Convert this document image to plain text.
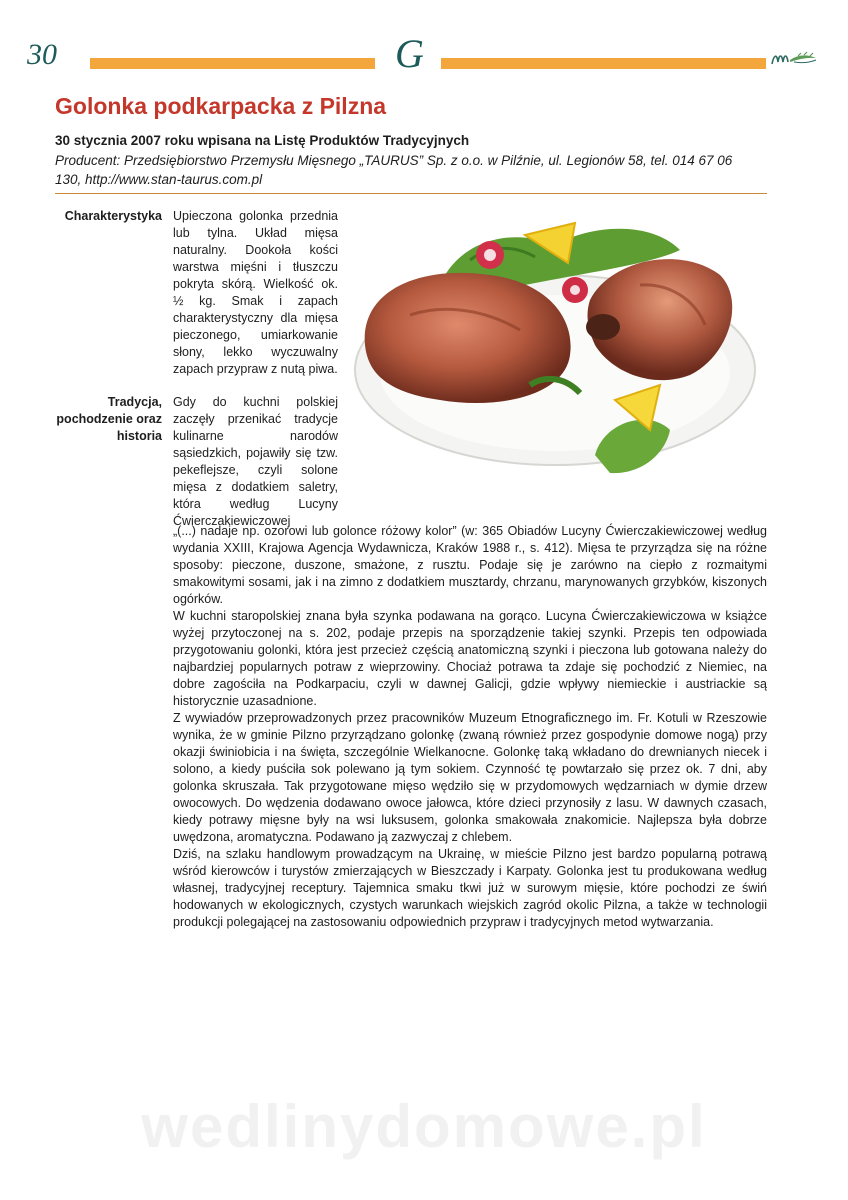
30	G
Golonka podkarpacka z Pilzna

30 stycznia 2007 roku wpisana na Listę Produktów Tradycyjnych

Producent: Przedsiębiorstwo Przemysłu Mięsnego „TAURUS” Sp. z o.o. w Pilźnie, ul. Legionów 58, tel. 014 67 06 130, http://www.stan-taurus.com.pl

Charakterystyka Upieczona golonka przednia lub tylna. Układ mięsa naturalny. Dookoła kości warstwa mięśni i tłuszczu pokryta skórą. Wielkość ok. ½ kg. Smak i zapach charakterystyczny dla mięsa pieczonego, umiarkowanie słony, lekko wyczuwalny zapach przypraw z nutą piwa.

Tradycja, pochodzenie oraz historia

Gdy do kuchni polskiej zaczęły przenikać tradycje kulinarne narodów sąsiedzkich, pojawiły się tzw. pekeflejsze, czyli solone mięsa z dodatkiem saletry, która według Lucyny Ćwierczakiewiczowej

„(...) nadaje np. ozorowi lub golonce różowy kolor” (w: 365 Obiadów Lucyny Ćwierczakiewiczowej według wydania XXIII, Krajowa Agencja Wydawnicza, Kraków 1988 r., s. 412). Mięsa te przyrządza się na różne sposoby: pieczone, duszone, smażone, z rusztu. Podaje się je zarówno na ciepło z rozmaitymi smakowitymi sosami, jak i na zimno z dodatkiem musztardy, chrzanu, marynowanych grzybków, kiszonych ogórków.

W kuchni staropolskiej znana była szynka podawana na gorąco. Lucyna Ćwierczakiewiczowa w książce wyżej przytoczonej na s. 202, podaje przepis na sporządzenie takiej szynki. Przepis ten odpowiada przygotowaniu golonki, która jest przecież częścią anatomiczną szynki i pieczona lub gotowana należy do najbardziej popularnych potraw z wieprzowiny. Chociaż potrawa ta zdaje się pochodzić z Niemiec, na dobre zagościła na Podkarpaciu, czyli w dawnej Galicji, gdzie wpływy niemieckie i austriackie są historycznie uzasadnione.

Z wywiadów przeprowadzonych przez pracowników Muzeum Etnograficznego im. Fr. Kotuli w Rzeszowie wynika, że w gminie Pilzno przyrządzano golonkę (zwaną również przez gospodynie domowe nogą) przy okazji świniobicia i na święta, szczególnie Wielkanocne. Golonkę taką wkładano do drewnianych niecek i solono, a kiedy puściła sok polewano ją tym sokiem. Czynność tę powtarzało się przez ok. 7 dni, aby golonka skruszała. Tak przygotowane mięso wędziło się w przydomowych wędzarniach w dymie drzew owocowych. Do wędzenia dodawano owoce jałowca, które dzieci przynosiły z lasu. W dawnych czasach, kiedy potrawy mięsne były na wsi luksusem, golonka smakowała znakomicie. Najlepsza była dobrze uwędzona, aromatyczna. Podawano ją zazwyczaj z chlebem.

Dziś, na szlaku handlowym prowadzącym na Ukrainę, w mieście Pilzno jest bardzo popularną potrawą wśród kierowców i turystów zmierzających w Bieszczady i Karpaty. Golonka jest tu produkowana według własnej, tradycyjnej receptury. Tajemnica smaku tkwi już w surowym mięsie, które pochodzi ze świń hodowanych w ekologicznych, czystych warunkach wiejskich zagród okolic Pilzna, a także w technologii produkcji polegającej na zastosowaniu odpowiednich przypraw i tradycyjnych metod wytwarzania.

wedlinydomowe.pl
